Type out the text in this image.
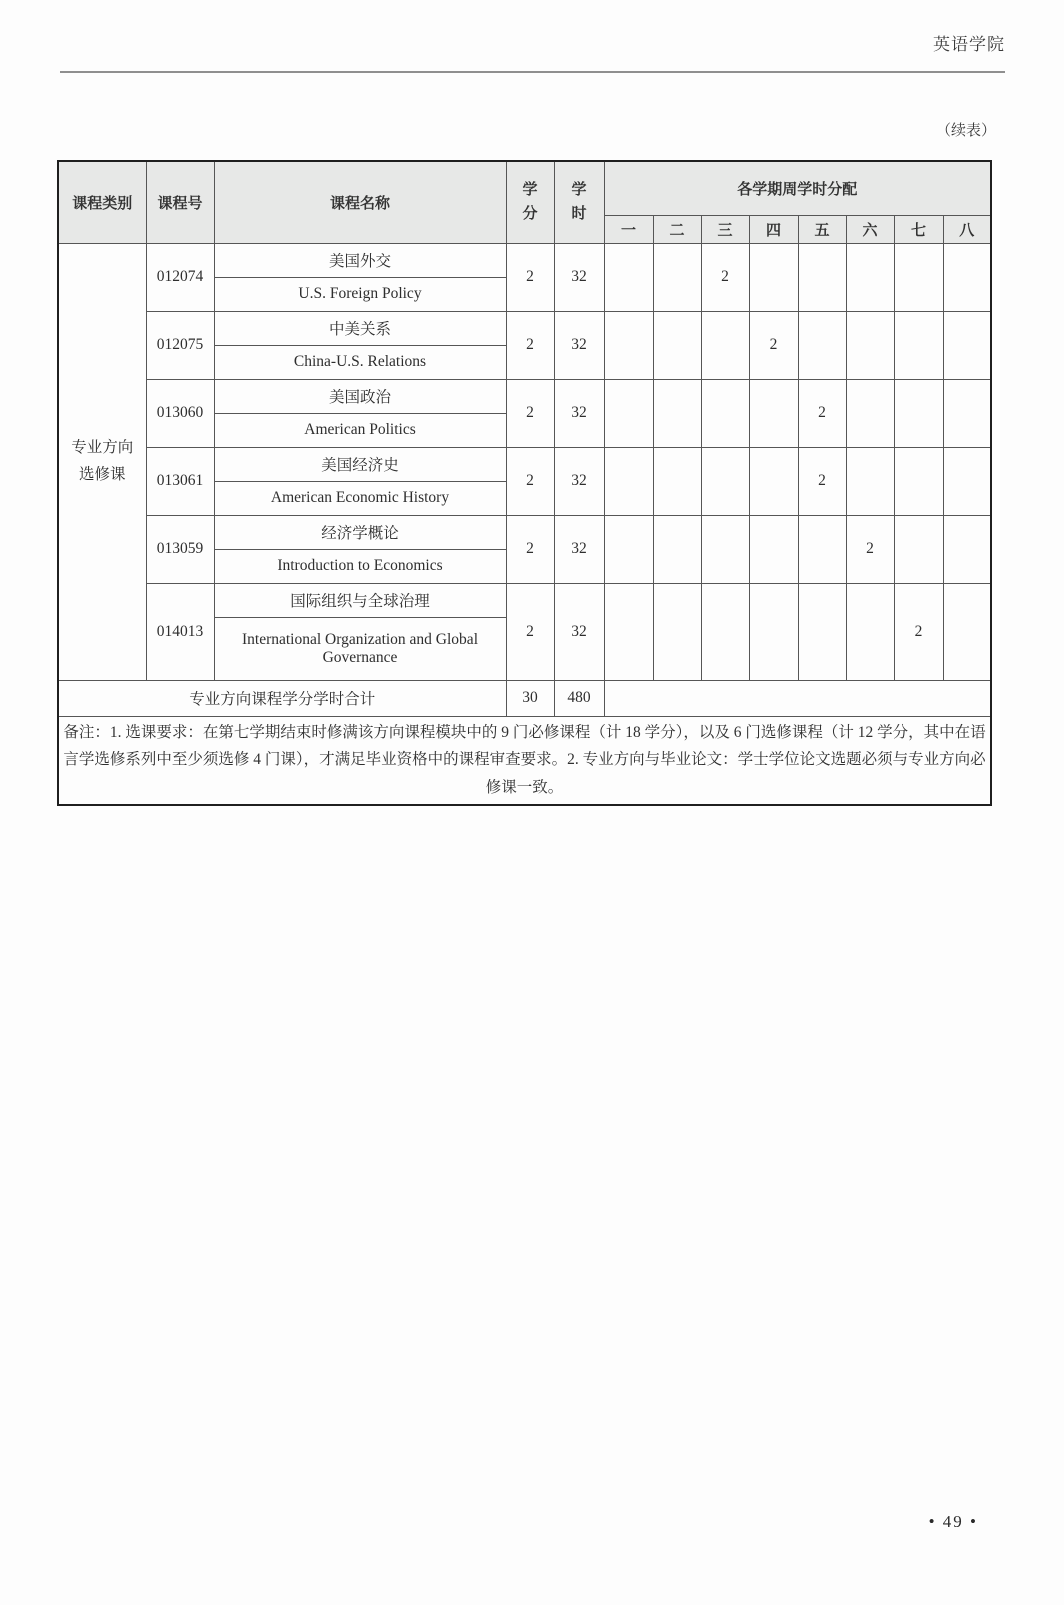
英语学院
（续表）
课程类别	课程号	课程名称	学分	学时	各学期周学时分配							
					一	二	三	四	五	六	七	八
专业方向选修课	012074	美国外交	2	32			2					
		U.S. Foreign Policy										
	012075	中美关系	2	32				2				
		China-U.S. Relations										
	013060	美国政治	2	32					2			
		American Politics										
	013061	美国经济史	2	32					2			
		American Economic History										
	013059	经济学概论	2	32						2		
		Introduction to Economics										
	014013	国际组织与全球治理	2	32							2	
		International Organization and Global Governance										
专业方向课程学分学时合计			30	480								
备注：1. 选课要求：在第七学期结束时修满该方向课程模块中的 9 门必修课程（计 18 学分），以及 6 门选修课程（计 12 学分，其中在语言学选修系列中至少须选修 4 门课），才满足毕业资格中的课程审查要求。2. 专业方向与毕业论文：学士学位论文选题必须与专业方向必修课一致。												
• 49 •
